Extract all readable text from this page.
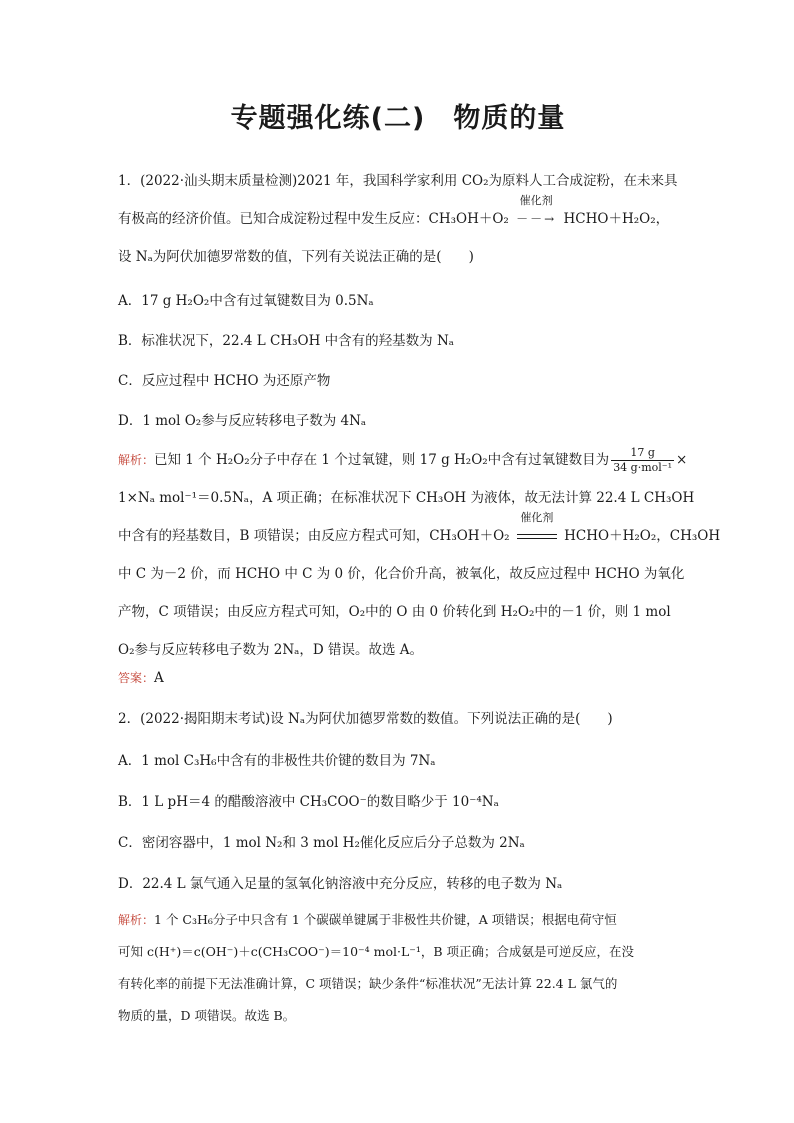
专题强化练(二)　物质的量
1．(2022·汕头期末质量检测)2021 年，我国科学家利用 CO₂为原料人工合成淀粉，在未来具
有极高的经济价值。已知合成淀粉过程中发生反应：CH₃OH＋O₂
催化剂
－－→ HCHO＋H₂O₂，
设 Nₐ为阿伏加德罗常数的值，下列有关说法正确的是(　　)
A．17 g H₂O₂中含有过氧键数目为 0.5Nₐ
B．标准状况下，22.4 L CH₃OH 中含有的羟基数为 Nₐ
C．反应过程中 HCHO 为还原产物
D．1 mol O₂参与反应转移电子数为 4Nₐ
解析：已知 1 个 H₂O₂分子中存在 1 个过氧键，则 17 g H₂O₂中含有过氧键数目为 $\frac{17 g}{\text{34 g·mol⁻¹}}$ ×
1×Nₐ mol⁻¹＝0.5Nₐ，A 项正确；在标准状况下 CH₃OH 为液体，故无法计算 22.4 L CH₃OH
中含有的羟基数目，B 项错误；由反应方程式可知，CH₃OH＋O₂
催化剂
HCHO＋H₂O₂，CH₃OH
中 C 为－2 价，而 HCHO 中 C 为 0 价，化合价升高，被氧化，故反应过程中 HCHO 为氧化
产物，C 项错误；由反应方程式可知，O₂中的 O 由 0 价转化到 H₂O₂中的－1 价，则 1 mol
O₂参与反应转移电子数为 2Nₐ，D 错误。故选 A。
答案：A
2．(2022·揭阳期末考试)设 Nₐ为阿伏加德罗常数的数值。下列说法正确的是(　　)
A．1 mol C₃H₆中含有的非极性共价键的数目为 7Nₐ
B．1 L pH＝4 的醋酸溶液中 CH₃COO⁻的数目略少于 10⁻⁴Nₐ
C．密闭容器中，1 mol N₂和 3 mol H₂催化反应后分子总数为 2Nₐ
D．22.4 L 氯气通入足量的氢氧化钠溶液中充分反应，转移的电子数为 Nₐ
解析：1 个 C₃H₆分子中只含有 1 个碳碳单键属于非极性共价键，A 项错误；根据电荷守恒
可知 c(H⁺)＝c(OH⁻)＋c(CH₃COO⁻)＝10⁻⁴ mol·L⁻¹，B 项正确；合成氨是可逆反应，在没
有转化率的前提下无法准确计算，C 项错误；缺少条件“标准状况”无法计算 22.4 L 氯气的
物质的量，D 项错误。故选 B。
